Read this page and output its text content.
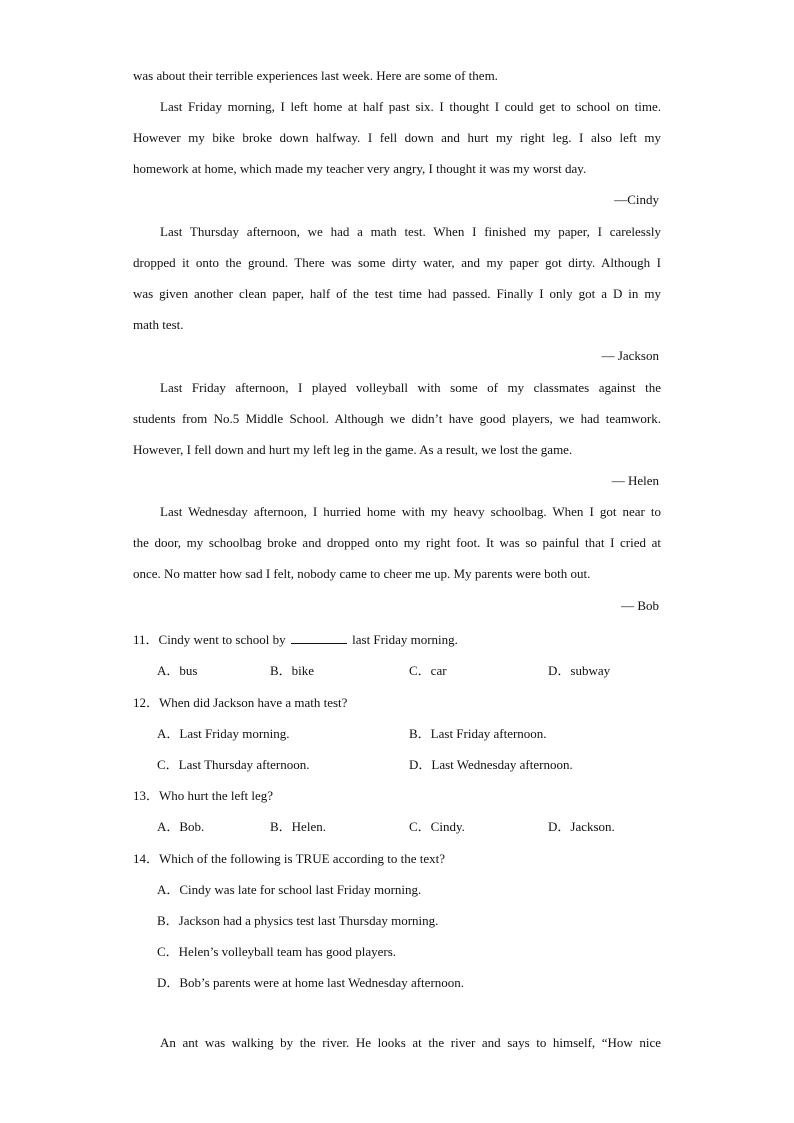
was about their terrible experiences last week. Here are some of them.
Last Friday morning, I left home at half past six. I thought I could get to school on time.
However my bike broke down halfway. I fell down and hurt my right leg. I also left my
homework at home, which made my teacher very angry, I thought it was my worst day.
—Cindy
Last Thursday afternoon, we had a math test. When I finished my paper, I carelessly
dropped it onto the ground. There was some dirty water, and my paper got dirty. Although I
was given another clean paper, half of the test time had passed. Finally I only got a D in my
math test.
— Jackson
Last Friday afternoon, I played volleyball with some of my classmates against the
students from No.5 Middle School. Although we didn’t have good players, we had teamwork.
However, I fell down and hurt my left leg in the game. As a result, we lost the game.
— Helen
Last Wednesday afternoon, I hurried home with my heavy schoolbag. When I got near to
the door, my schoolbag broke and dropped onto my right foot. It was so painful that I cried at
once. No matter how sad I felt, nobody came to cheer me up. My parents were both out.
— Bob
11．Cindy went to school by	last Friday morning.
A．bus	B．bike	C．car	D．subway
12．When did Jackson have a math test?
A．Last Friday morning.	B．Last Friday afternoon.
C．Last Thursday afternoon.	D．Last Wednesday afternoon.
13．Who hurt the left leg?
A．Bob.	B．Helen.	C．Cindy.	D．Jackson.
14．Which of the following is TRUE according to the text?
A．Cindy was late for school last Friday morning.
B．Jackson had a physics test last Thursday morning.
C．Helen’s volleyball team has good players.
D．Bob’s parents were at home last Wednesday afternoon.
An ant was walking by the river. He looks at the river and says to himself, “How nice
